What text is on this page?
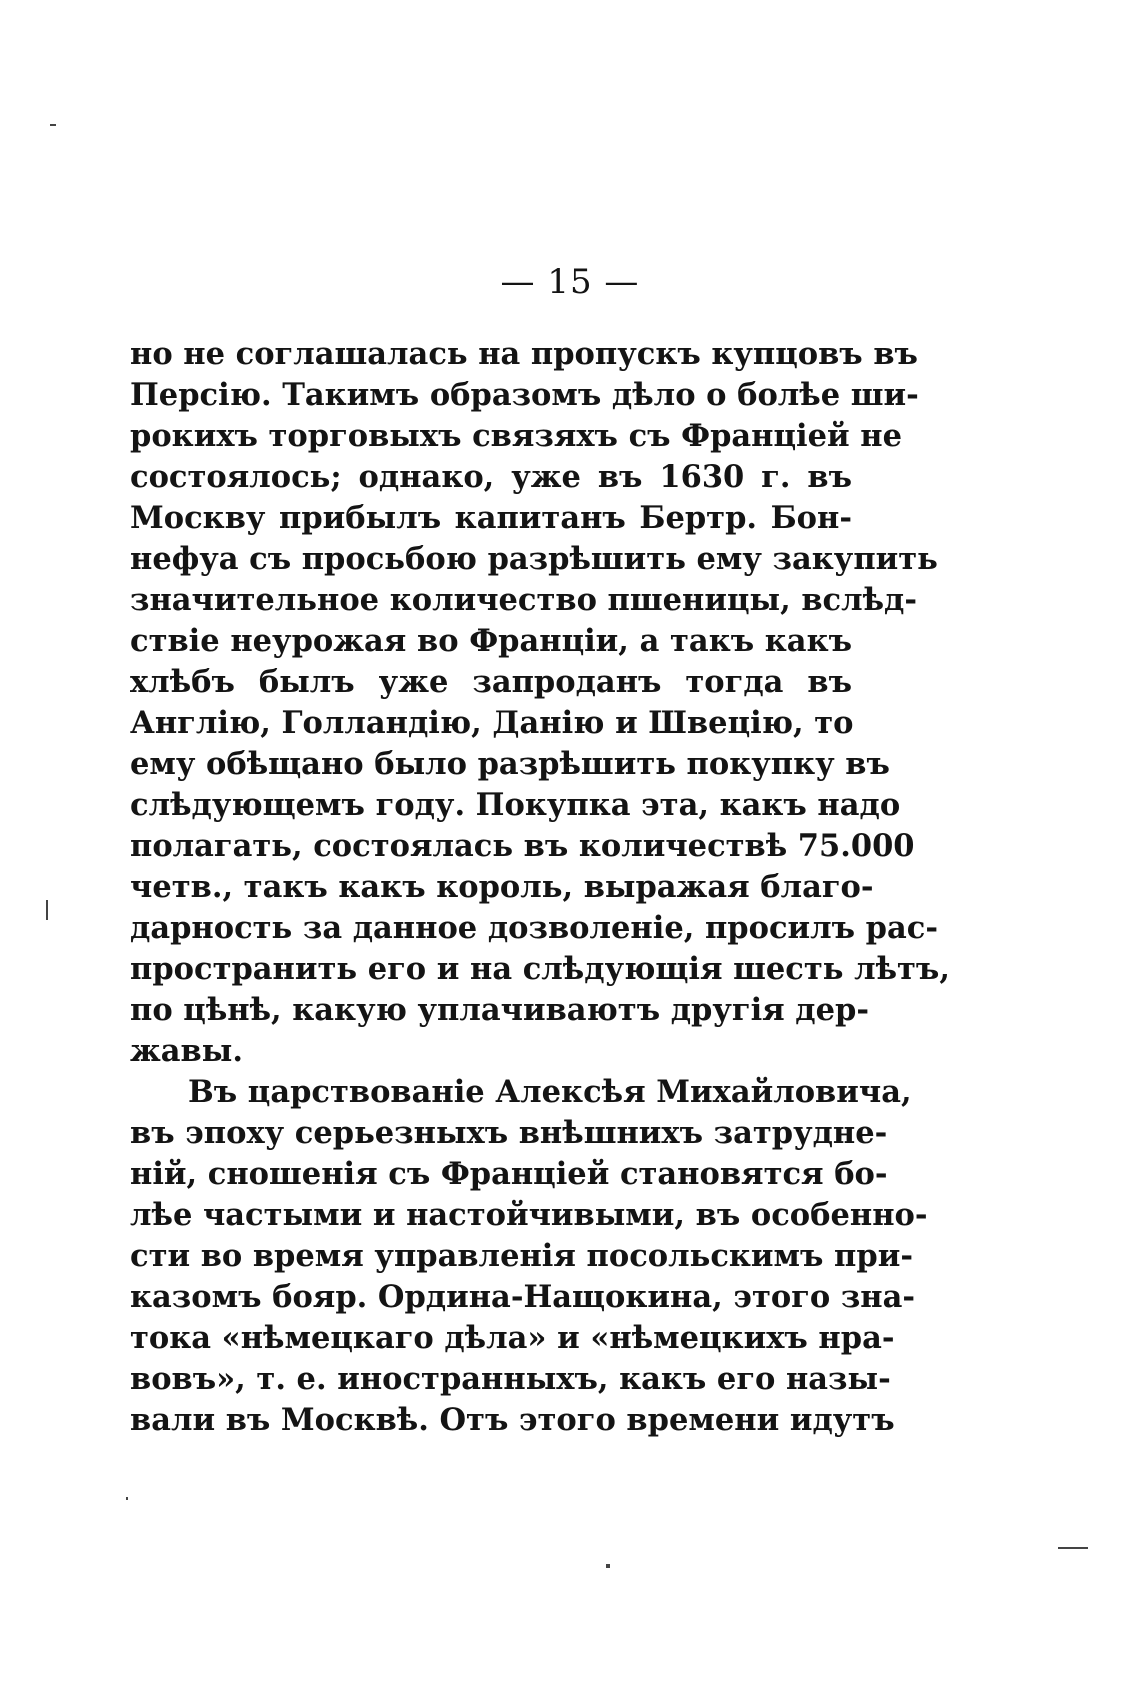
— 15 —
но не соглашалась на пропускъ купцовъ въ
Персію. Такимъ образомъ дѣло о болѣе ши-
рокихъ торговыхъ связяхъ съ Франціей не
состоялось; однако, уже въ 1630 г. въ
Москву прибылъ капитанъ Бертр. Бон-
нефуа съ просьбою разрѣшить ему закупить
значительное количество пшеницы, вслѣд-
ствіе неурожая во Франціи, а такъ какъ
хлѣбъ былъ уже запроданъ тогда въ
Англію, Голландію, Данію и Швецію, то
ему обѣщано было разрѣшить покупку въ
слѣдующемъ году. Покупка эта, какъ надо
полагать, состоялась въ количествѣ 75.000
четв., такъ какъ король, выражая благо-
дарность за данное дозволеніе, просилъ рас-
пространить его и на слѣдующія шесть лѣтъ,
по цѣнѣ, какую уплачиваютъ другія дер-
жавы.
Въ царствованіе Алексѣя Михайловича,
въ эпоху серьезныхъ внѣшнихъ затрудне-
ній, сношенія съ Франціей становятся бо-
лѣе частыми и настойчивыми, въ особенно-
сти во время управленія посольскимъ при-
казомъ бояр. Ордина-Нащокина, этого зна-
тока «нѣмецкаго дѣла» и «нѣмецкихъ нра-
вовъ», т. е. иностранныхъ, какъ его назы-
вали въ Москвѣ. Отъ этого времени идутъ
